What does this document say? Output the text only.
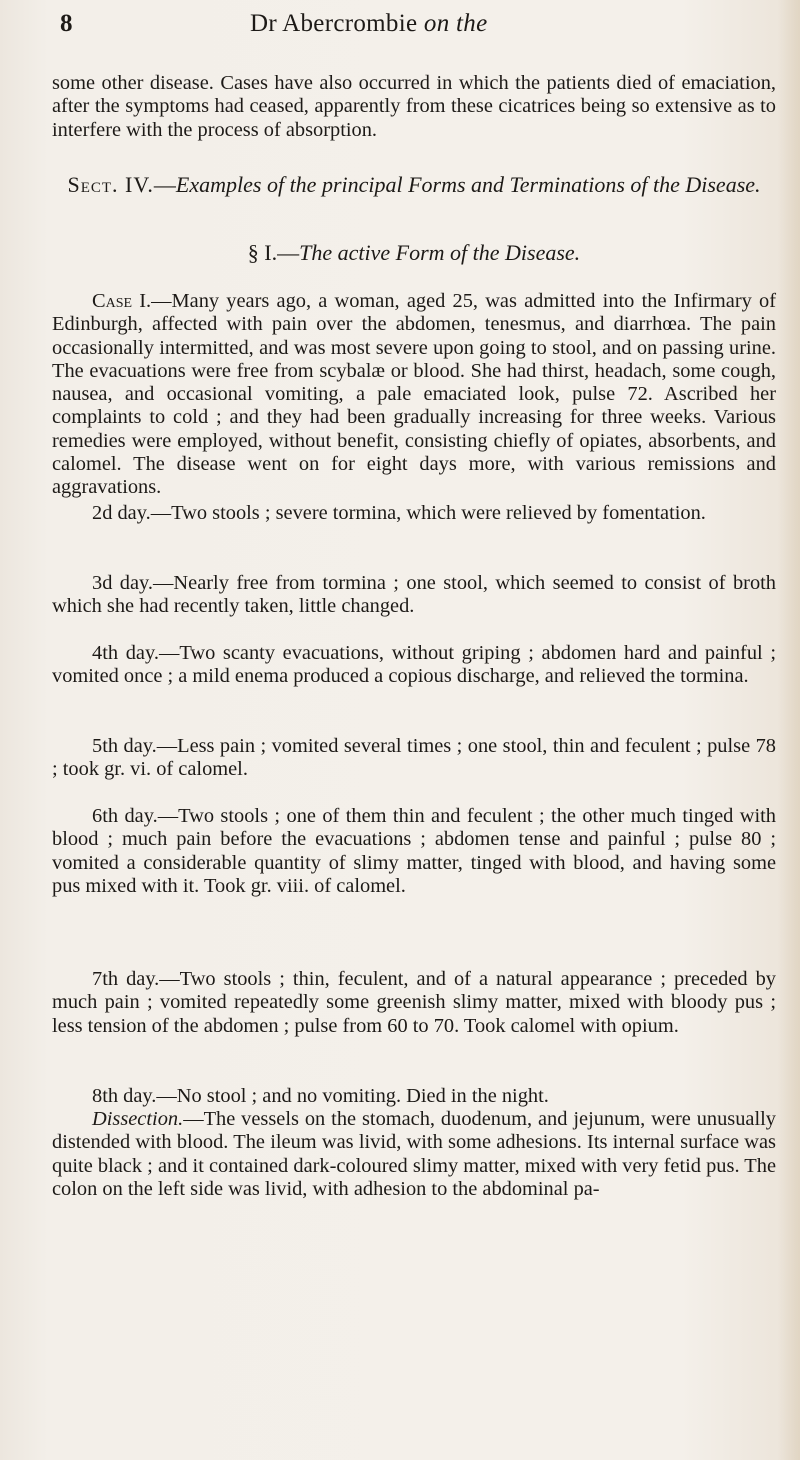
8	Dr Abercrombie on the

some other disease. Cases have also occurred in which the patients died of emaciation, after the symptoms had ceased, apparently from these cicatrices being so extensive as to interfere with the process of absorption.

Sect. IV.—Examples of the principal Forms and Terminations of the Disease.
§ I.—The active Form of the Disease.

Case I.—Many years ago, a woman, aged 25, was admitted into the Infirmary of Edinburgh, affected with pain over the abdomen, tenesmus, and diarrhœa. The pain occasionally intermitted, and was most severe upon going to stool, and on passing urine. The evacuations were free from scybalæ or blood. She had thirst, headach, some cough, nausea, and occasional vomiting, a pale emaciated look, pulse 72. Ascribed her complaints to cold ; and they had been gradually increasing for three weeks. Various remedies were employed, without benefit, consisting chiefly of opiates, absorbents, and calomel. The disease went on for eight days more, with various remissions and aggravations.

2d day.—Two stools ; severe tormina, which were relieved by fomentation.

3d day.—Nearly free from tormina ; one stool, which seemed to consist of broth which she had recently taken, little changed.

4th day.—Two scanty evacuations, without griping ; abdomen hard and painful ; vomited once ; a mild enema produced a copious discharge, and relieved the tormina.

5th day.—Less pain ; vomited several times ; one stool, thin and feculent ; pulse 78 ; took gr. vi. of calomel.

6th day.—Two stools ; one of them thin and feculent ; the other much tinged with blood ; much pain before the evacuations ; abdomen tense and painful ; pulse 80 ; vomited a considerable quantity of slimy matter, tinged with blood, and having some pus mixed with it. Took gr. viii. of calomel.

7th day.—Two stools ; thin, feculent, and of a natural appearance ; preceded by much pain ; vomited repeatedly some greenish slimy matter, mixed with bloody pus ; less tension of the abdomen ; pulse from 60 to 70. Took calomel with opium.

8th day.—No stool ; and no vomiting. Died in the night.

Dissection.—The vessels on the stomach, duodenum, and jejunum, were unusually distended with blood. The ileum was livid, with some adhesions. Its internal surface was quite black ; and it contained dark-coloured slimy matter, mixed with very fetid pus. The colon on the left side was livid, with adhesion to the abdominal pa-
